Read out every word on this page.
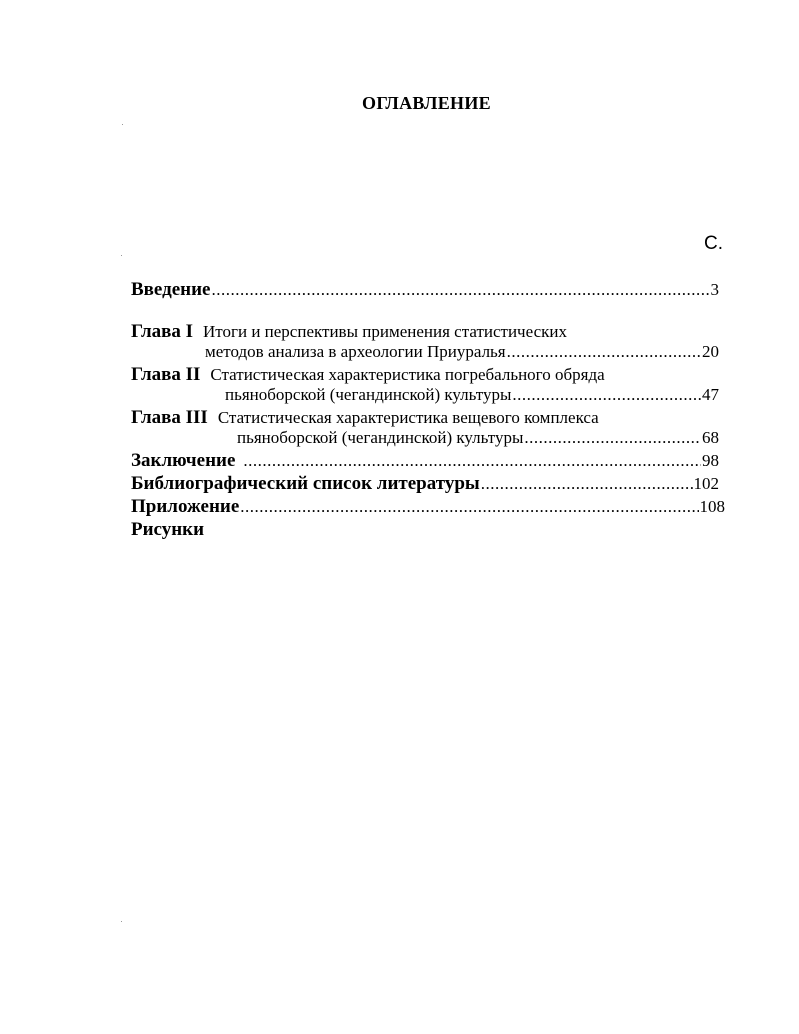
ОГЛАВЛЕНИЕ
С.
Введение .....	3
Глава I Итоги и перспективы применения статистических
методов анализа в археологии Приуралья .....	20
Глава II Статистическая характеристика погребального обряда
пьяноборской (чегандинской) культуры .....	47
Глава III Статистическая характеристика вещевого комплекса
пьяноборской (чегандинской) культуры .....	68
Заключение .....	98
Библиографический список литературы .....	102
Приложение .....	108
Рисунки
